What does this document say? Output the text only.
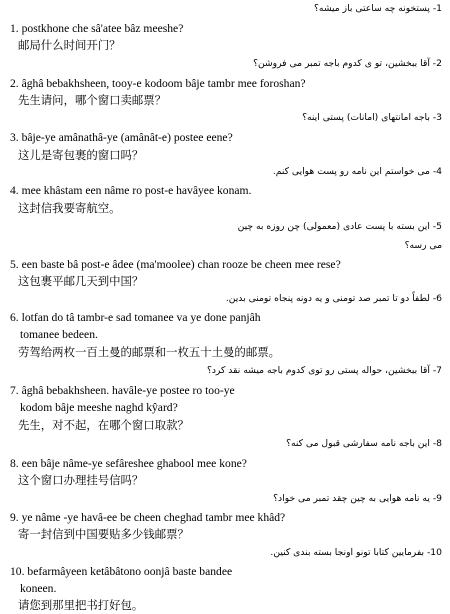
1- پستخونه چه ساعتی باز میشه؟
1. postkhone che sâ'atee bâz meeshe?
邮局什么时间开门？
2- آقا ببخشین، تو ی کدوم باجه تمبر می فروشن؟
2. âghâ bebakhsheen, tooy-e kodoom bâje tambr mee foroshan?
先生请问，哪个窗口卖邮票？
3- باجه امانتهای (امانات) پستی اینه؟
3. bâje-ye amânathâ-ye (amânât-e) postee eene?
这儿是寄包裹的窗口吗？
4- می خواستم این نامه رو پست هوایی کنم.
4. mee khâstam een nâme ro post-e havâyee konam.
这封信我要寄航空。
5- این بسته با پست عادی (معمولی) چن روزه به چین
می رسه؟
5. een baste bâ post-e âdee (ma'moolee) chan rooze be cheen mee rese?
这包裹平邮几天到中国？
6- لطفاً دو تا تمبر صد تومنی و یه دونه پنجاه تومنی بدین.
6. lotfan do tâ tambr-e sad tomanee va ye done panjâh
tomanee bedeen.
劳驾给两枚一百土曼的邮票和一枚五十土曼的邮票。
7- آقا ببخشین، حواله پستی رو توی کدوم باجه میشه نقد کرد؟
7. âghâ bebakhsheen. havâle-ye postee ro too-ye
kodom bâje meeshe naghd kŷard?
先生，对不起，在哪个窗口取款？
8- این باجه نامه سفارشی قبول می کنه؟
8. een bâje nâme-ye sefâreshee ghabool mee kone?
这个窗口办理挂号信吗？
9- یه نامه هوایی به چین چقد تمبر می خواد؟
9. ye nâme -ye havâ-ee be cheen cheghad tambr mee khâd?
寄一封信到中国要贴多少钱邮票？
10- بفرمایین کتابا تونو اونجا بسته بندی کنین.
10. befarmâyeen ketâbâtono oonjâ baste bandee
koneen.
请您到那里把书打好包。
